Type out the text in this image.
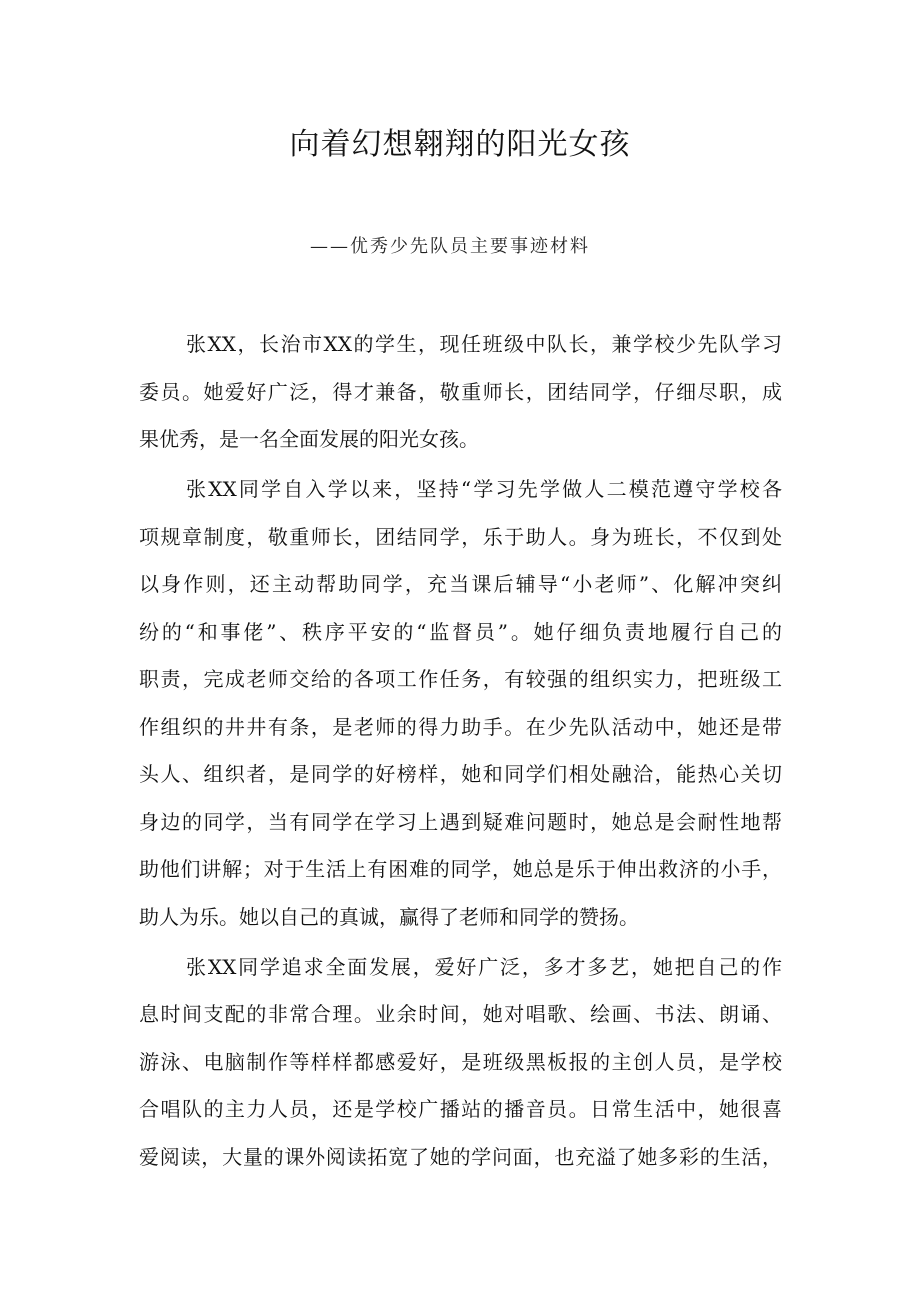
向着幻想翱翔的阳光女孩
——优秀少先队员主要事迹材料
张XX，长治市XX的学生，现任班级中队长，兼学校少先队学习
委员。她爱好广泛，得才兼备，敬重师长，团结同学，仔细尽职，成
果优秀，是一名全面发展的阳光女孩。
张XX同学自入学以来，坚持“学习先学做人二模范遵守学校各
项规章制度，敬重师长，团结同学，乐于助人。身为班长，不仅到处
以身作则，还主动帮助同学，充当课后辅导“小老师”、化解冲突纠
纷的“和事佬”、秩序平安的“监督员”。她仔细负责地履行自己的
职责，完成老师交给的各项工作任务，有较强的组织实力，把班级工
作组织的井井有条，是老师的得力助手。在少先队活动中，她还是带
头人、组织者，是同学的好榜样，她和同学们相处融洽，能热心关切
身边的同学，当有同学在学习上遇到疑难问题时，她总是会耐性地帮
助他们讲解；对于生活上有困难的同学，她总是乐于伸出救济的小手，
助人为乐。她以自己的真诚，赢得了老师和同学的赞扬。
张XX同学追求全面发展，爱好广泛，多才多艺，她把自己的作
息时间支配的非常合理。业余时间，她对唱歌、绘画、书法、朗诵、
游泳、电脑制作等样样都感爱好，是班级黑板报的主创人员，是学校
合唱队的主力人员，还是学校广播站的播音员。日常生活中，她很喜
爱阅读，大量的课外阅读拓宽了她的学问面，也充溢了她多彩的生活，
